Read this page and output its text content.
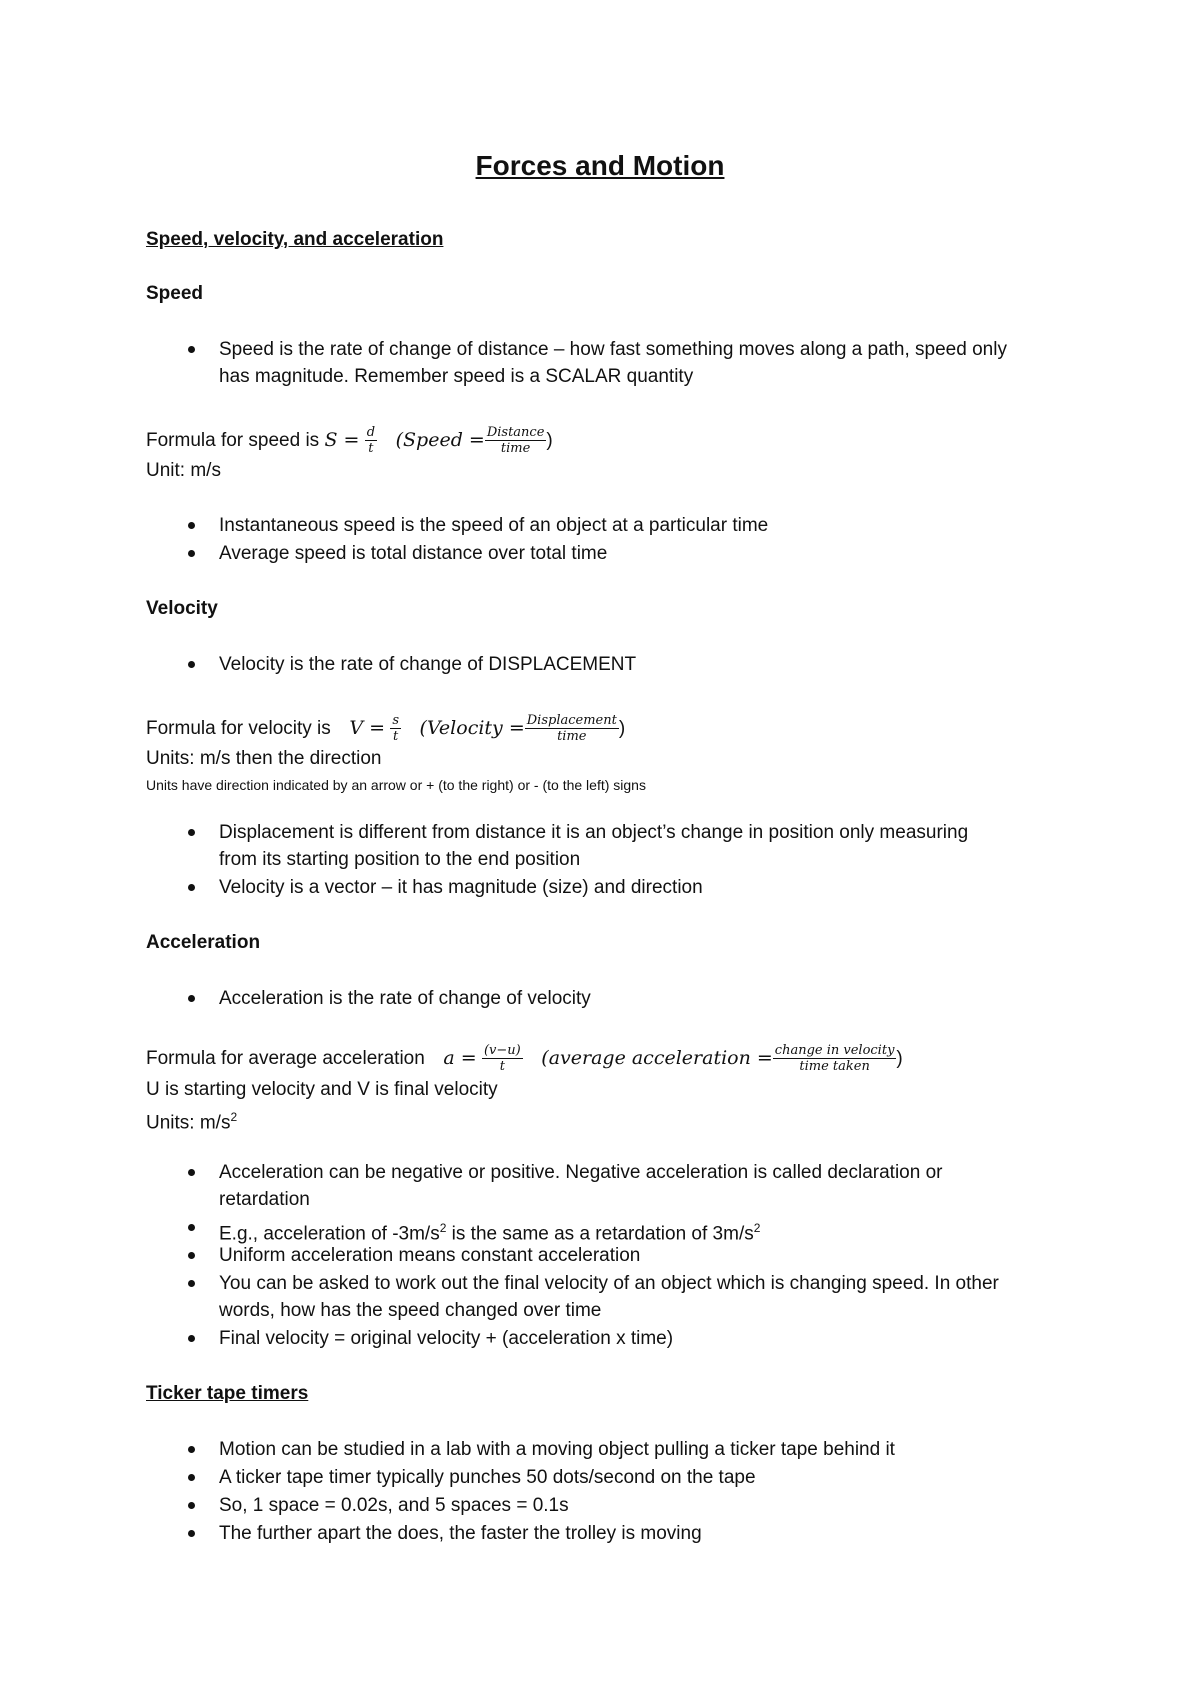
Forces and Motion
Speed, velocity, and acceleration
Speed
Speed is the rate of change of distance – how fast something moves along a path, speed only
has magnitude. Remember speed is a SCALAR quantity
Formula for speed is $S = \frac{d}{t}$ (Speed = $\frac{\text{Distance}}{\text{time}}$ )
Unit: m/s
Instantaneous speed is the speed of an object at a particular time
Average speed is total distance over total time
Velocity
Velocity is the rate of change of DISPLACEMENT
Formula for velocity is $V = \frac{s}{t}$ (Velocity = $\frac{\text{Displacement}}{\text{time}}$ )
Units: m/s then the direction
Units have direction indicated by an arrow or + (to the right) or - (to the left) signs
Displacement is different from distance it is an object’s change in position only measuring
from its starting position to the end position
Velocity is a vector – it has magnitude (size) and direction
Acceleration
Acceleration is the rate of change of velocity
Formula for average acceleration $a = \frac{(v-u)}{t}$ (average acceleration = $\frac{\text{change in velocity}}{\text{time taken}}$ )
U is starting velocity and V is final velocity
Units: $m/s^2$
Acceleration can be negative or positive. Negative acceleration is called declaration or
retardation
E.g., acceleration of $-3m/s^2$ is the same as a retardation of $3m/s^2$
Uniform acceleration means constant acceleration
You can be asked to work out the final velocity of an object which is changing speed. In other
words, how has the speed changed over time
Final velocity = original velocity + (acceleration x time)
Ticker tape timers
Motion can be studied in a lab with a moving object pulling a ticker tape behind it
A ticker tape timer typically punches 50 dots/second on the tape
So, 1 space = 0.02s, and 5 spaces = 0.1s
The further apart the does, the faster the trolley is moving
